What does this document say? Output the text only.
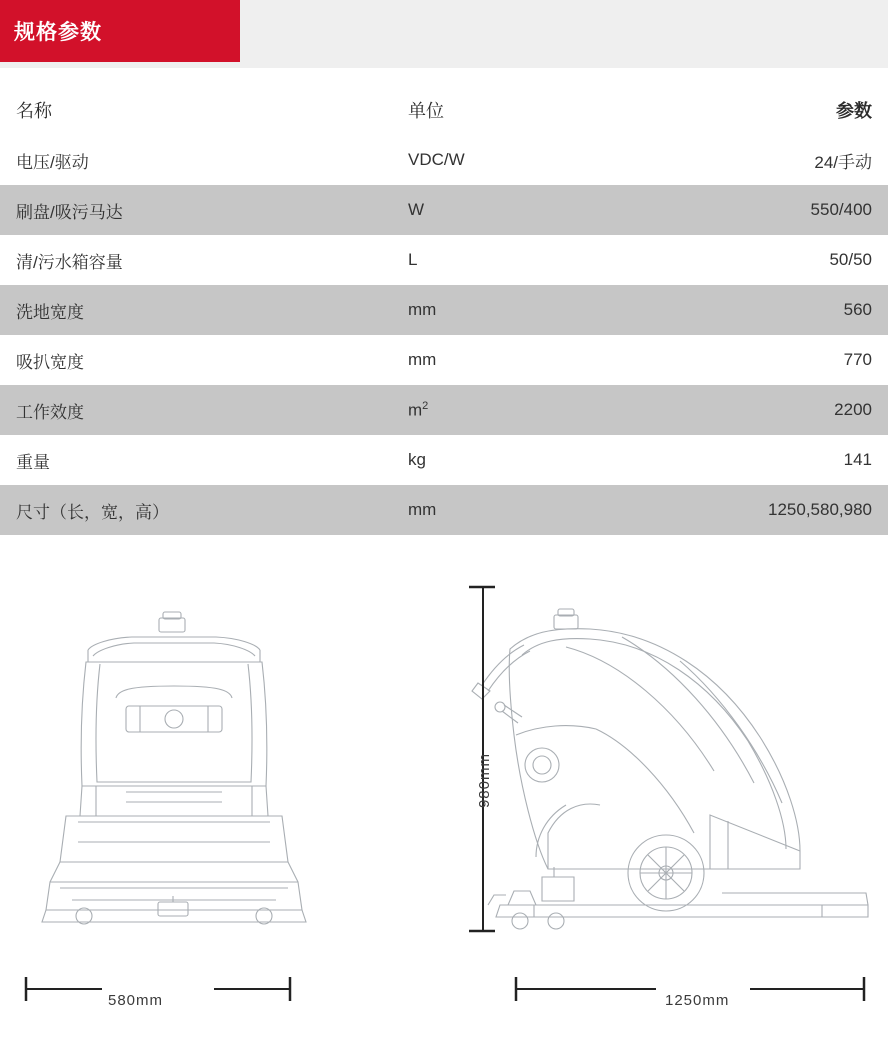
规格参数
名称	单位	参数
电压/驱动	VDC/W	24/手动
刷盘/吸污马达	W	550/400
清/污水箱容量	L	50/50
洗地宽度	mm	560
吸扒宽度	mm	770
工作效度	$m^2$	2200
重量	kg	141
尺寸（长，宽，高）	mm	1250,580,980
980mm
580mm	1250mm
